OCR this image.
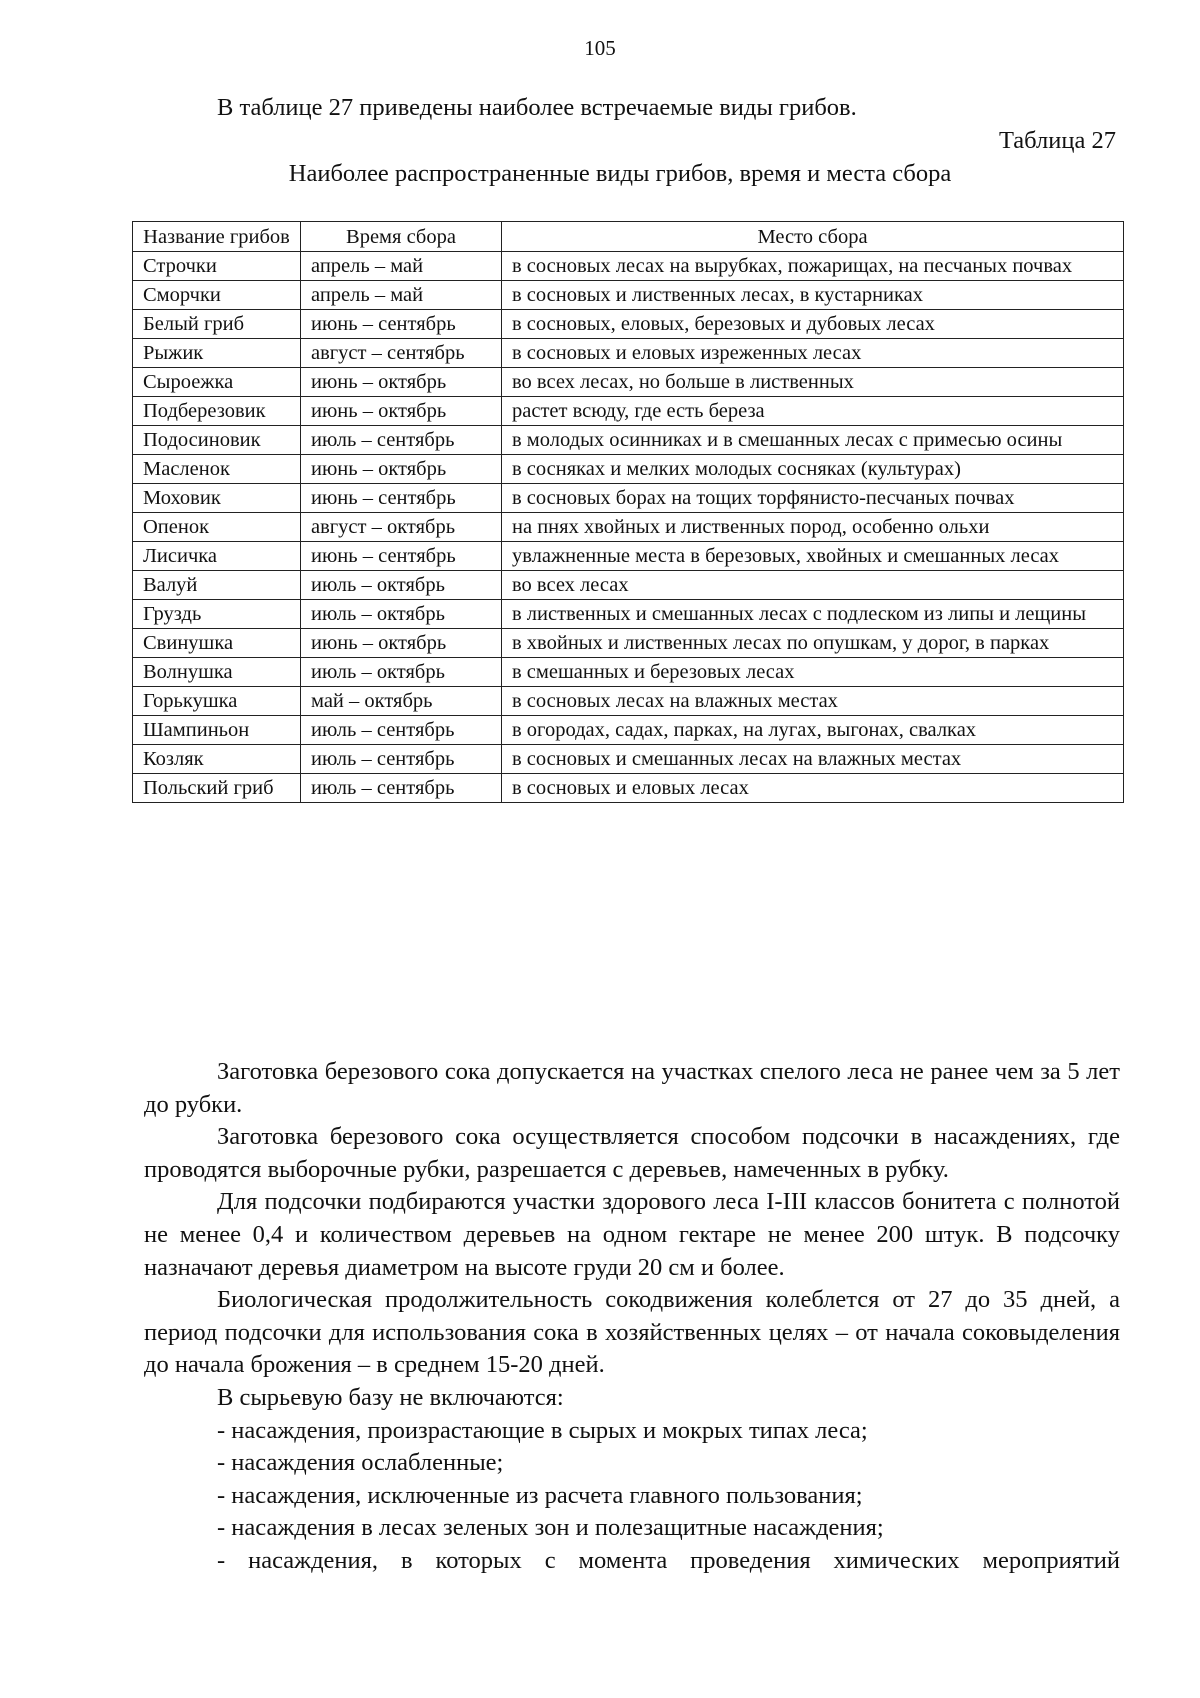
105
В таблице 27 приведены наиболее встречаемые виды грибов.
Таблица 27
Наиболее распространенные виды грибов, время и места сбора
Название грибов	Время сбора	Место сбора
Строчки	апрель – май	в сосновых лесах на вырубках, пожарищах, на песчаных почвах
Сморчки	апрель – май	в сосновых и лиственных лесах, в кустарниках
Белый гриб	июнь – сентябрь	в сосновых, еловых, березовых и дубовых лесах
Рыжик	август – сентябрь	в сосновых и еловых изреженных лесах
Сыроежка	июнь – октябрь	во всех лесах, но больше в лиственных
Подберезовик	июнь – октябрь	растет всюду, где есть береза
Подосиновик	июль – сентябрь	в молодых осинниках и в смешанных лесах с примесью осины
Масленок	июнь – октябрь	в сосняках и мелких молодых сосняках (культурах)
Моховик	июнь – сентябрь	в сосновых борах на тощих торфянисто-песчаных почвах
Опенок	август – октябрь	на пнях хвойных и лиственных пород, особенно ольхи
Лисичка	июнь – сентябрь	увлажненные места в березовых, хвойных и смешанных лесах
Валуй	июль – октябрь	во всех лесах
Груздь	июль – октябрь	в лиственных и смешанных лесах с подлеском из липы и лещины
Свинушка	июнь – октябрь	в хвойных и лиственных лесах по опушкам, у дорог, в парках
Волнушка	июль – октябрь	в смешанных и березовых лесах
Горькушка	май – октябрь	в сосновых лесах на влажных местах
Шампиньон	июль – сентябрь	в огородах, садах, парках, на лугах, выгонах, свалках
Козляк	июль – сентябрь	в сосновых и смешанных лесах на влажных местах
Польский гриб	июль – сентябрь	в сосновых и еловых лесах

Заготовка березового сока допускается на участках спелого леса не ранее чем за 5 лет до рубки.

Заготовка березового сока осуществляется способом подсочки в насаждениях, где проводятся выборочные рубки, разрешается с деревьев, намеченных в рубку.

Для подсочки подбираются участки здорового леса I-III классов бонитета с полнотой не менее 0,4 и количеством деревьев на одном гектаре не менее 200 штук. В подсочку назначают деревья диаметром на высоте груди 20 см и более.

Биологическая продолжительность сокодвижения колеблется от 27 до 35 дней, а период подсочки для использования сока в хозяйственных целях – от начала соковыделения до начала брожения – в среднем 15-20 дней.

В сырьевую базу не включаются:

- насаждения, произрастающие в сырых и мокрых типах леса;

- насаждения ослабленные;

- насаждения, исключенные из расчета главного пользования;

- насаждения в лесах зеленых зон и полезащитные насаждения;

- насаждения, в которых с момента проведения химических мероприятий
